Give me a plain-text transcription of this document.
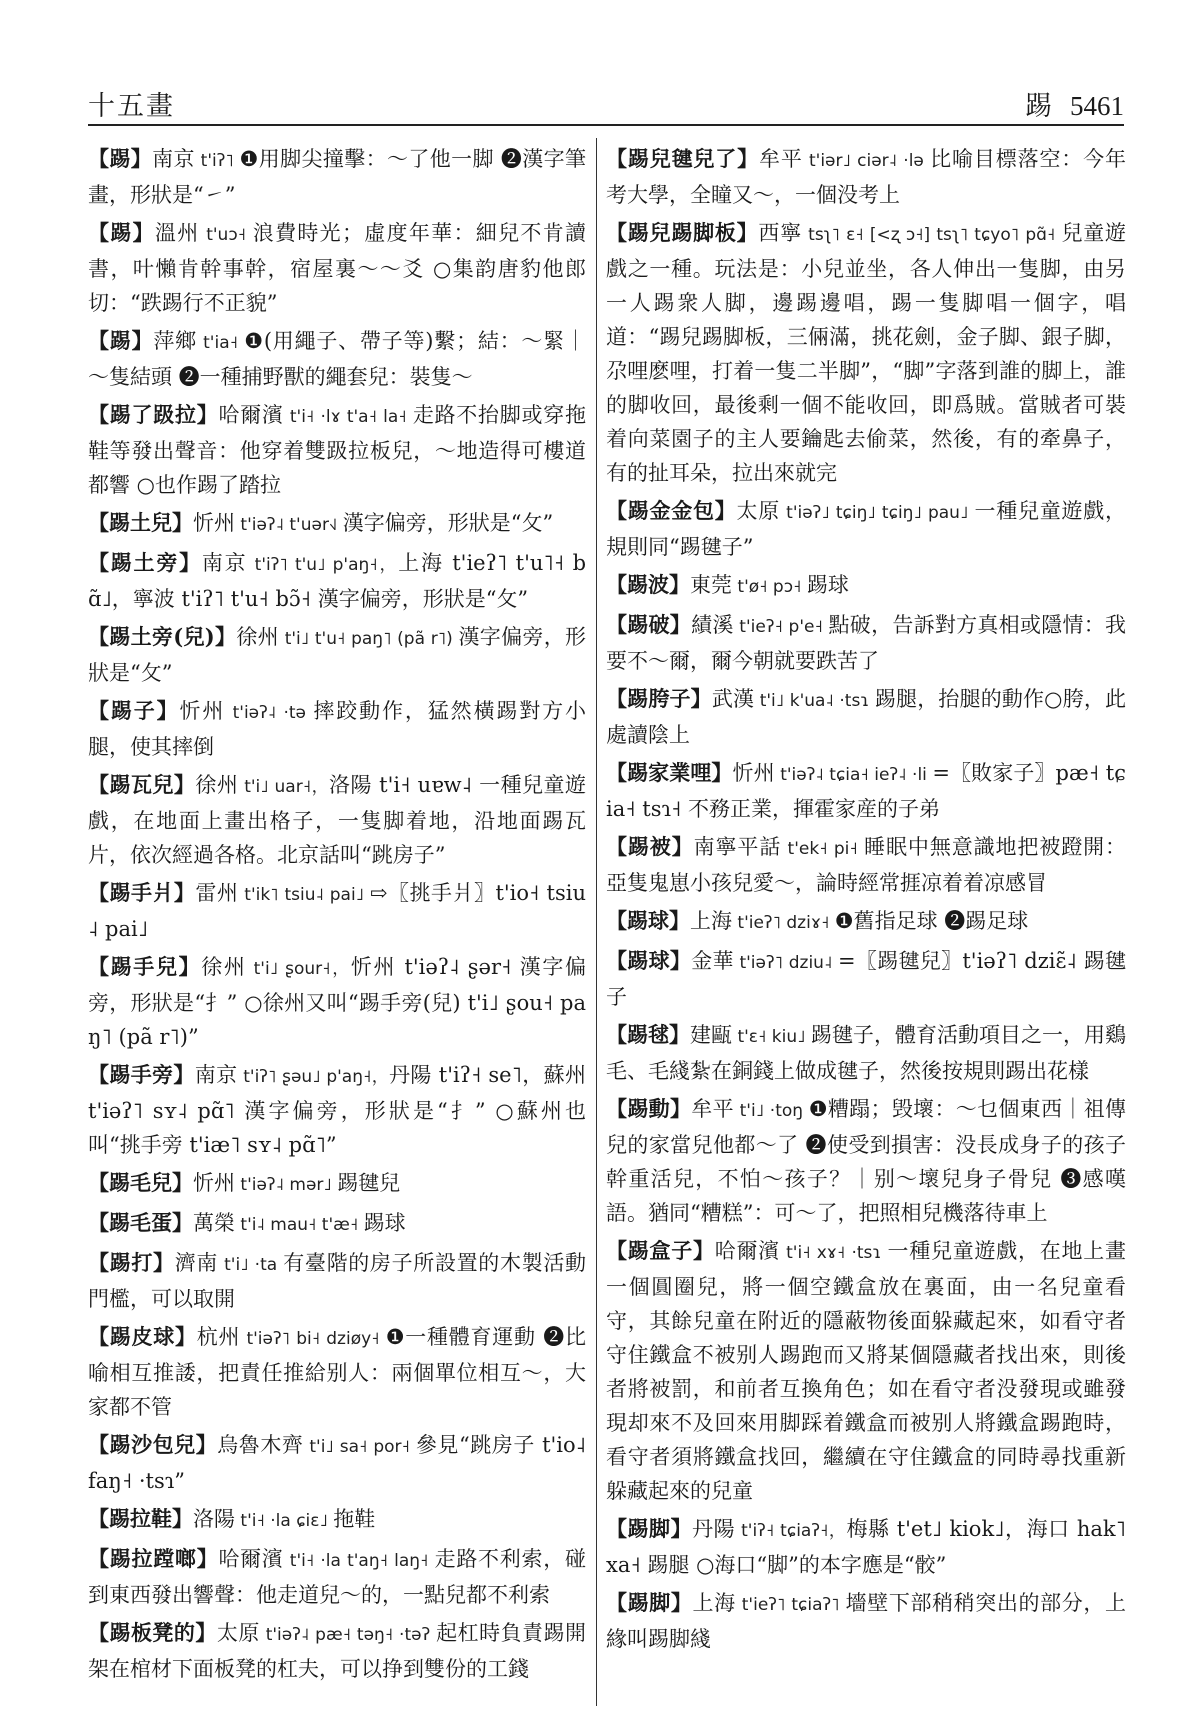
十五畫	踢 5461

【踢】南京 t'iʔ˥ ❶用脚尖撞擊：～了他一脚 ❷漢字筆畫，形狀是“㇀”

【踢】溫州 t'uɔ˧ 浪費時光；虛度年華：細兒不肯讀書，叶懶肯幹事幹，宿屋裏～～爻 ○集韵唐豹他郎切：“跌踢行不正貌”

【踢】萍鄉 t'ia˧ ❶(用繩子、帶子等)繫；結：～緊｜～隻結頭 ❷一種捕野獸的繩套兒：裝隻～

【踢了趿拉】哈爾濱 t'i˧ ·lɤ t'a˧ la˧ 走路不抬脚或穿拖鞋等發出聲音：他穿着雙趿拉板兒，～地造得可樓道都響 ○也作踢了踏拉

【踢土兒】忻州 t'iəʔ˨ t'uər˧˩ 漢字偏旁，形狀是“⺙”

【踢土旁】南京 t'iʔ˥ t'u˩ p'aŋ˧，上海 t'ieʔ˥ t'u˥˧ bɑ̃˩，寧波 t'iʔ˥ t'u˧ bɔ̃˧ 漢字偏旁，形狀是“⺙”

【踢土旁(兒)】徐州 t'i˩ t'u˧ paŋ˥ (pã r˥) 漢字偏旁，形狀是“⺙”

【踢子】忻州 t'iəʔ˨ ·tə 摔跤動作，猛然橫踢對方小腿，使其摔倒

【踢瓦兒】徐州 t'i˩ uar˧，洛陽 t'i˧ uɐw˨ 一種兒童遊戲，在地面上畫出格子，一隻脚着地，沿地面踢瓦片，依次經過各格。北京話叫“跳房子”

【踢手爿】雷州 t'ik˥ tsiu˨ pai˩ ⇨〖挑手爿〗t'io˧ tsiu˨ pai˩

【踢手兒】徐州 t'i˩ ʂour˧，忻州 t'iəʔ˨ ʂər˧ 漢字偏旁，形狀是“扌” ○徐州又叫“踢手旁(兒) t'i˩ ʂou˧ paŋ˥ (pã r˥)”

【踢手旁】南京 t'iʔ˥ ʂəu˩ p'aŋ˧，丹陽 t'iʔ˧ se˥，蘇州 t'iəʔ˥ sʏ˨ pɑ̃˥ 漢字偏旁，形狀是“扌” ○蘇州也叫“挑手旁 t'iæ˥ sʏ˨ pɑ̃˥”

【踢毛兒】忻州 t'iəʔ˨ mər˩ 踢毽兒

【踢毛蛋】萬榮 t'i˨ mau˧ t'æ˧ 踢球

【踢打】濟南 t'i˩ ·ta 有臺階的房子所設置的木製活動門檻，可以取開

【踢皮球】杭州 t'iəʔ˥ bi˧ dziøy˧ ❶一種體育運動 ❷比喻相互推諉，把責任推給别人：兩個單位相互～，大家都不管

【踢沙包兒】烏魯木齊 t'i˩ sa˧ por˧ 參見“跳房子 t'io˨ faŋ˧ ·tsɿ”

【踢拉鞋】洛陽 t'i˧ ·la ɕiɛ˩ 拖鞋

【踢拉蹚啷】哈爾濱 t'i˧ ·la t'aŋ˧ laŋ˧ 走路不利索，碰到東西發出響聲：他走道兒～的，一點兒都不利索

【踢板凳的】太原 t'iəʔ˨ pæ˧ təŋ˧ ·təʔ 起杠時負責踢開架在棺材下面板凳的杠夫，可以挣到雙份的工錢

【踢兒毽兒了】牟平 t'iər˩ ciər˨ ·lə 比喻目標落空：今年考大學，全瞳又～，一個没考上

【踢兒踢脚板】西寧 tsʅ˥ ɛ˧ [<ʐ ɔ˧] tsʅ˥ tɕyo˥ pɑ̃˧ 兒童遊戲之一種。玩法是：小兒並坐，各人伸出一隻脚，由另一人踢衆人脚，邊踢邊唱，踢一隻脚唱一個字，唱道：“踢兒踢脚板，三倆滿，挑花劍，金子脚、銀子脚，尕哩麽哩，打着一隻二半脚”，“脚”字落到誰的脚上，誰的脚收回，最後剩一個不能收回，即爲賊。當賊者可裝着向菜園子的主人要鑰匙去偷菜，然後，有的牽鼻子，有的扯耳朵，拉出來就完

【踢金金包】太原 t'iəʔ˩ tɕiŋ˩ tɕiŋ˩ pau˩ 一種兒童遊戲，規則同“踢毽子”

【踢波】東莞 t'ø˧ pɔ˧ 踢球

【踢破】績溪 t'ieʔ˧ p'e˧ 點破，告訴對方真相或隱情：我要不～爾，爾今朝就要跌苦了

【踢胯子】武漢 t'i˩ k'ua˨ ·tsɿ 踢腿，抬腿的動作○胯，此處讀陰上

【踢家業哩】忻州 t'iəʔ˨ tɕia˧ ieʔ˨ ·li =〖敗家子〗pæ˧ tɕia˧ tsɿ˧ 不務正業，揮霍家産的子弟

【踢被】南寧平話 t'ek˧ pi˧ 睡眠中無意識地把被蹬開：亞隻鬼崽小孩兒愛～，論時經常捱凉着着凉感冒

【踢球】上海 t'ieʔ˥ dziɤ˧ ❶舊指足球 ❷踢足球

【踢球】金華 t'iəʔ˥ dziu˨ =〖踢毽兒〗t'iəʔ˥ dziɛ̃˨ 踢毽子

【踢毬】建甌 t'ɛ˧ kiu˩ 踢毽子，體育活動項目之一，用鷄毛、毛綫紮在銅錢上做成毽子，然後按規則踢出花樣

【踢動】牟平 t'i˩ ·toŋ ❶糟蹋；毁壞：～乜個東西｜祖傳兒的家當兒他都～了 ❷使受到損害：没長成身子的孩子幹重活兒，不怕～孩子？｜别～壞兒身子骨兒 ❸感嘆語。猶同“糟糕”：可～了，把照相兒機落待車上

【踢盒子】哈爾濱 t'i˧ xɤ˧ ·tsɿ 一種兒童遊戲，在地上畫一個圓圈兒，將一個空鐵盒放在裏面，由一名兒童看守，其餘兒童在附近的隱蔽物後面躲藏起來，如看守者守住鐵盒不被别人踢跑而又將某個隱藏者找出來，則後者將被罰，和前者互換角色；如在看守者没發現或雖發現却來不及回來用脚踩着鐵盒而被别人將鐵盒踢跑時，看守者須將鐵盒找回，繼續在守住鐵盒的同時尋找重新躲藏起來的兒童

【踢脚】丹陽 t'iʔ˧ tɕiaʔ˧，梅縣 t'et˩ kiok˩，海口 hak˥ xa˧ 踢腿 ○海口“脚”的本字應是“骹”

【踢脚】上海 t'ieʔ˥ tɕiaʔ˥ 墻壁下部稍稍突出的部分，上緣叫踢脚綫
